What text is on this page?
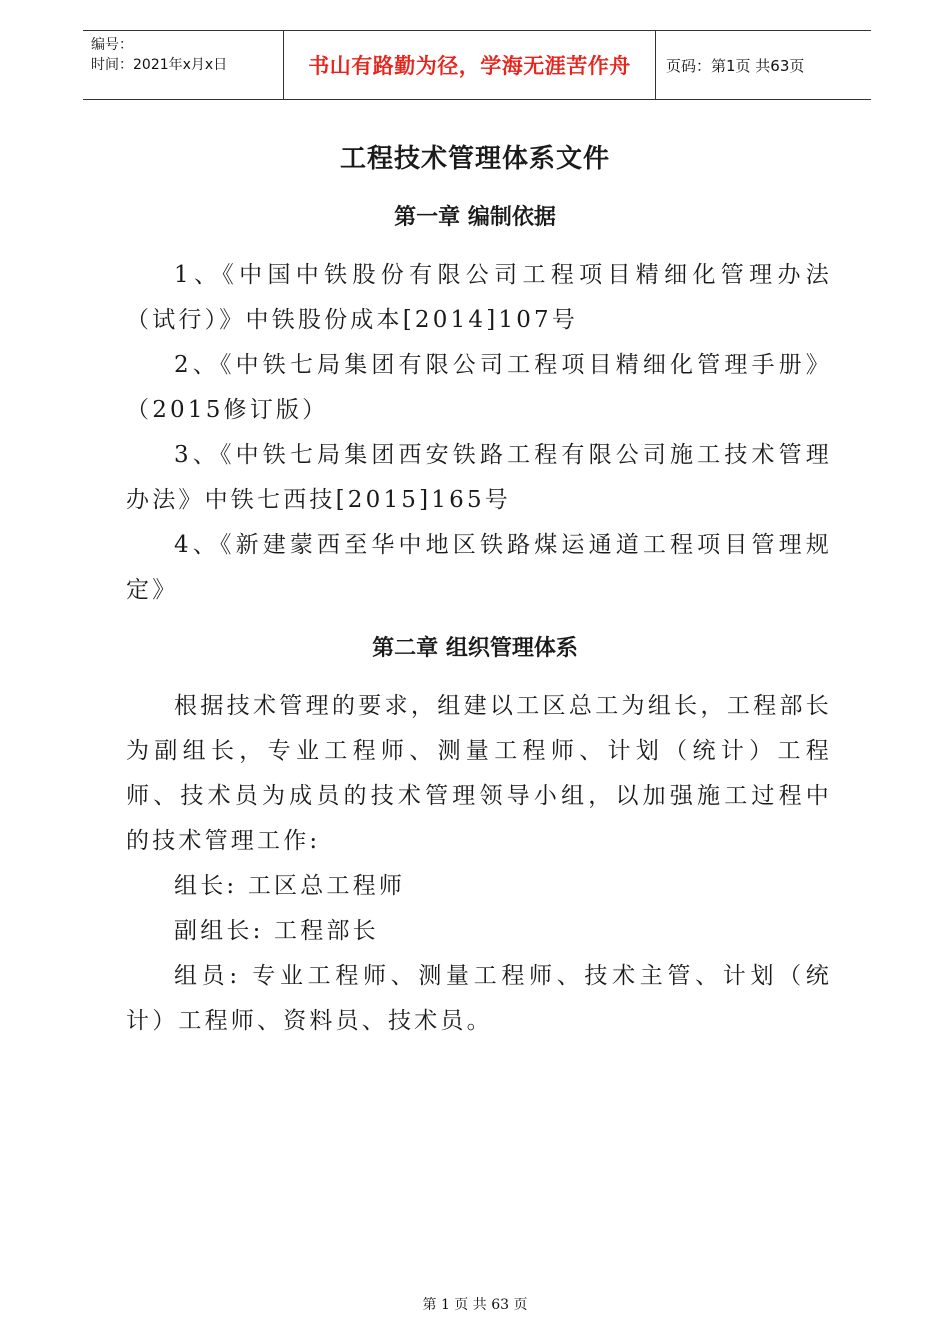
编号：
时间：2021年x月x日	书山有路勤为径，学海无涯苦作舟	页码：第1页 共63页
工程技术管理体系文件
第一章 编制依据

1、《中国中铁股份有限公司工程项目精细化管理办法（试行）》中铁股份成本[2014]107号

2、《中铁七局集团有限公司工程项目精细化管理手册》（2015修订版）

3、《中铁七局集团西安铁路工程有限公司施工技术管理办法》中铁七西技[2015]165号

4、《新建蒙西至华中地区铁路煤运通道工程项目管理规定》

第二章 组织管理体系

根据技术管理的要求，组建以工区总工为组长，工程部长为副组长，专业工程师、测量工程师、计划（统计）工程师、技术员为成员的技术管理领导小组，以加强施工过程中的技术管理工作:

组长: 工区总工程师

副组长: 工程部长

组员: 专业工程师、测量工程师、技术主管、计划（统计）工程师、资料员、技术员。

第 1 页 共 63 页
